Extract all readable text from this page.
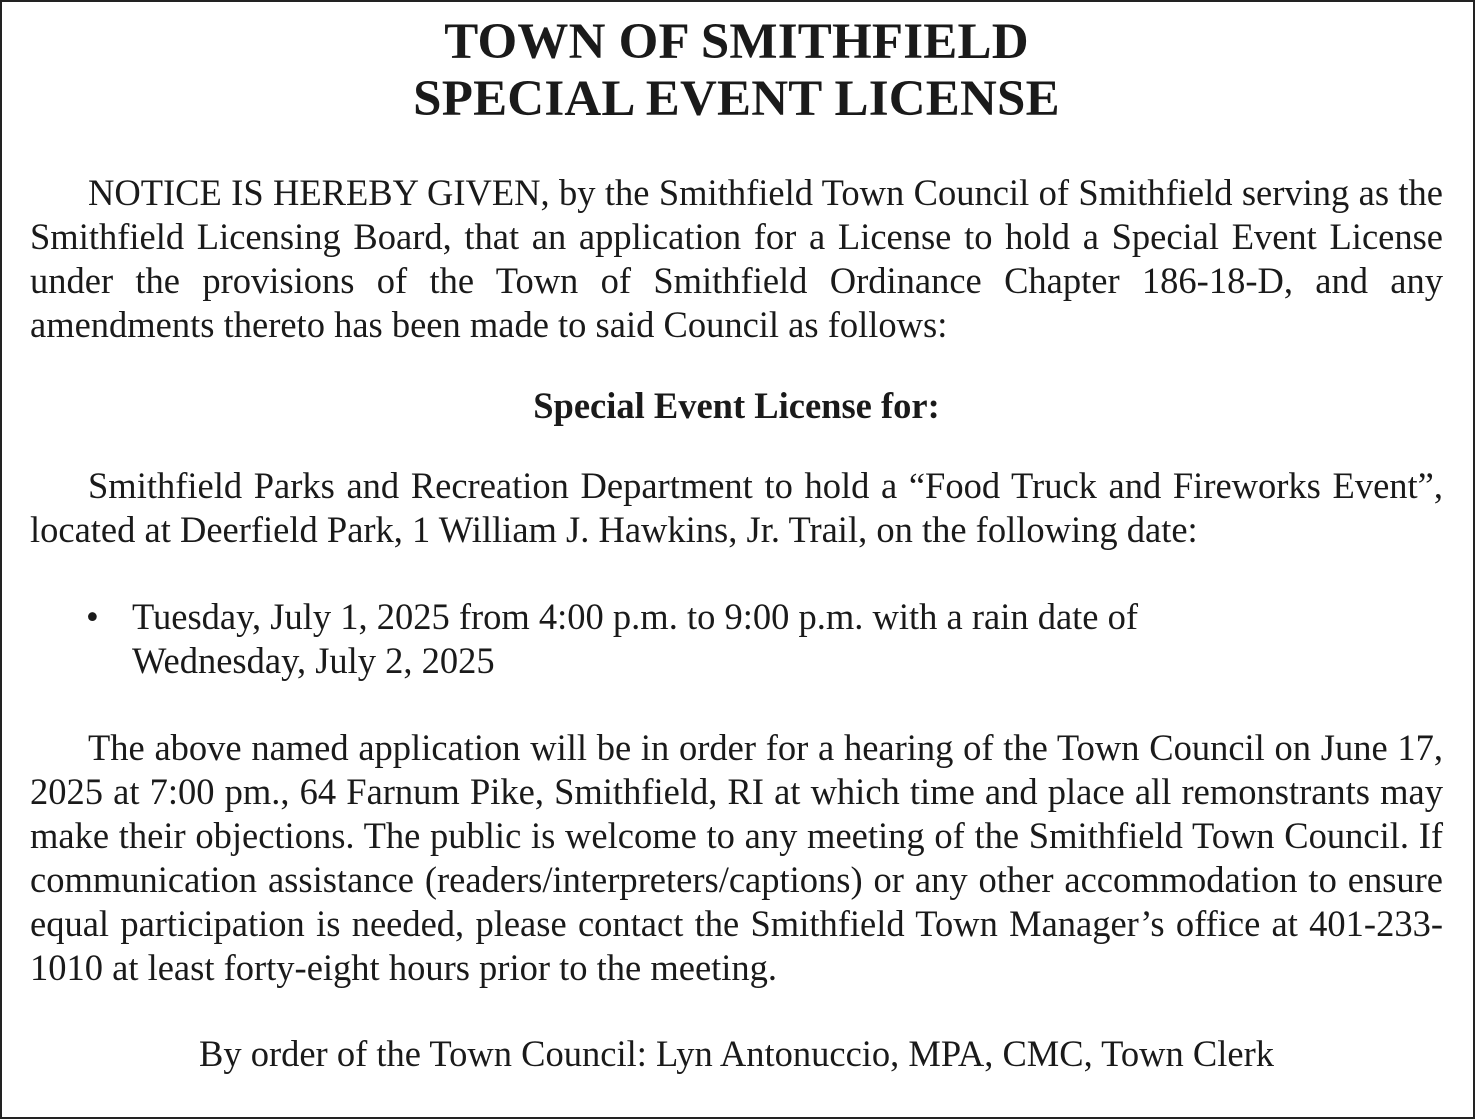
TOWN OF SMITHFIELD
SPECIAL EVENT LICENSE

NOTICE IS HEREBY GIVEN, by the Smithfield Town Council of Smithfield serving as the Smithfield Licensing Board, that an application for a License to hold a Special Event License under the provisions of the Town of Smithfield Ordinance Chapter 186-18-D, and any amendments thereto has been made to said Council as follows:

Special Event License for:

Smithfield Parks and Recreation Department to hold a “Food Truck and Fireworks Event”, located at Deerfield Park, 1 William J. Hawkins, Jr. Trail, on the following date:

• Tuesday, July 1, 2025 from 4:00 p.m. to 9:00 p.m. with a rain date of Wednesday, July 2, 2025

The above named application will be in order for a hearing of the Town Council on June 17, 2025 at 7:00 pm., 64 Farnum Pike, Smithfield, RI at which time and place all remonstrants may make their objections. The public is welcome to any meeting of the Smithfield Town Council. If communication assistance (readers/interpreters/captions) or any other accommodation to ensure equal participation is needed, please contact the Smithfield Town Manager’s office at 401-233-1010 at least forty-eight hours prior to the meeting.

By order of the Town Council: Lyn Antonuccio, MPA, CMC, Town Clerk
